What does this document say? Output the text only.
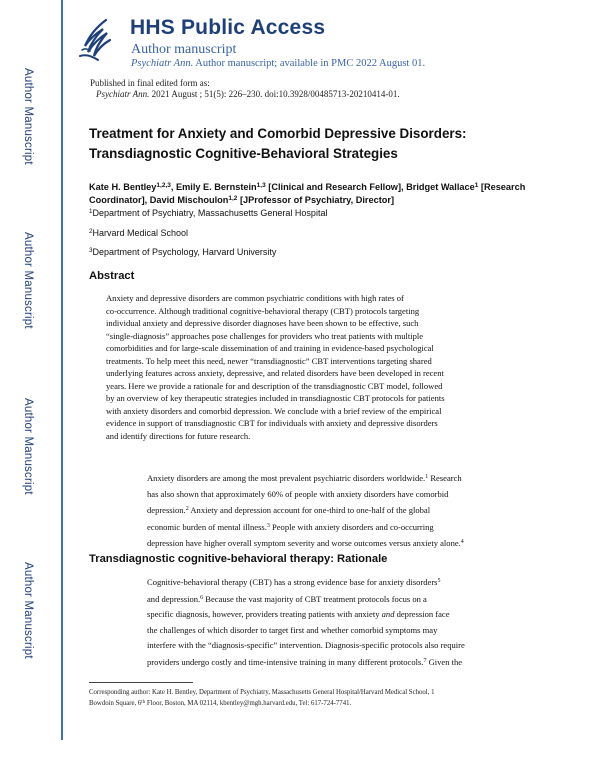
Author Manuscript
Author Manuscript
Author Manuscript
Author Manuscript
HHS Public Access
Author manuscript
Psychiatr Ann. Author manuscript; available in PMC 2022 August 01.
Published in final edited form as:
Psychiatr Ann. 2021 August ; 51(5): 226–230. doi:10.3928/00485713-20210414-01.
Treatment for Anxiety and Comorbid Depressive Disorders: Transdiagnostic Cognitive-Behavioral Strategies
Kate H. Bentley$^{1,2,3}$, Emily E. Bernstein$^{1,3}$ [Clinical and Research Fellow], Bridget Wallace$^1$ [Research Coordinator], David Mischoulon$^{1,2}$ [JProfessor of Psychiatry, Director]
$^1$Department of Psychiatry, Massachusetts General Hospital
$^2$Harvard Medical School
$^3$Department of Psychology, Harvard University
Abstract
Anxiety and depressive disorders are common psychiatric conditions with high rates of
co-occurrence. Although traditional cognitive-behavioral therapy (CBT) protocols targeting
individual anxiety and depressive disorder diagnoses have been shown to be effective, such
“single-diagnosis” approaches pose challenges for providers who treat patients with multiple
comorbidities and for large-scale dissemination of and training in evidence-based psychological
treatments. To help meet this need, newer “transdiagnostic” CBT interventions targeting shared
underlying features across anxiety, depressive, and related disorders have been developed in recent
years. Here we provide a rationale for and description of the transdiagnostic CBT model, followed
by an overview of key therapeutic strategies included in transdiagnostic CBT protocols for patients
with anxiety disorders and comorbid depression. We conclude with a brief review of the empirical
evidence in support of transdiagnostic CBT for individuals with anxiety and depressive disorders
and identify directions for future research.
Anxiety disorders are among the most prevalent psychiatric disorders worldwide.$^1$ Research
has also shown that approximately 60% of people with anxiety disorders have comorbid
depression.$^2$ Anxiety and depression account for one-third to one-half of the global
economic burden of mental illness.$^3$ People with anxiety disorders and co-occurring
depression have higher overall symptom severity and worse outcomes versus anxiety alone.$^4$
Transdiagnostic cognitive-behavioral therapy: Rationale
Cognitive-behavioral therapy (CBT) has a strong evidence base for anxiety disorders$^5$
and depression.$^6$ Because the vast majority of CBT treatment protocols focus on a
specific diagnosis, however, providers treating patients with anxiety and depression face
the challenges of which disorder to target first and whether comorbid symptoms may
interfere with the “diagnosis-specific” intervention. Diagnosis-specific protocols also require
providers undergo costly and time-intensive training in many different protocols.$^7$ Given the
Corresponding author: Kate H. Bentley, Department of Psychiatry, Massachusetts General Hospital/Harvard Medical School, 1
Bowdoin Square, 6th Floor, Boston, MA 02114, kbentley@mgh.harvard.edu, Tel: 617-724-7741.
